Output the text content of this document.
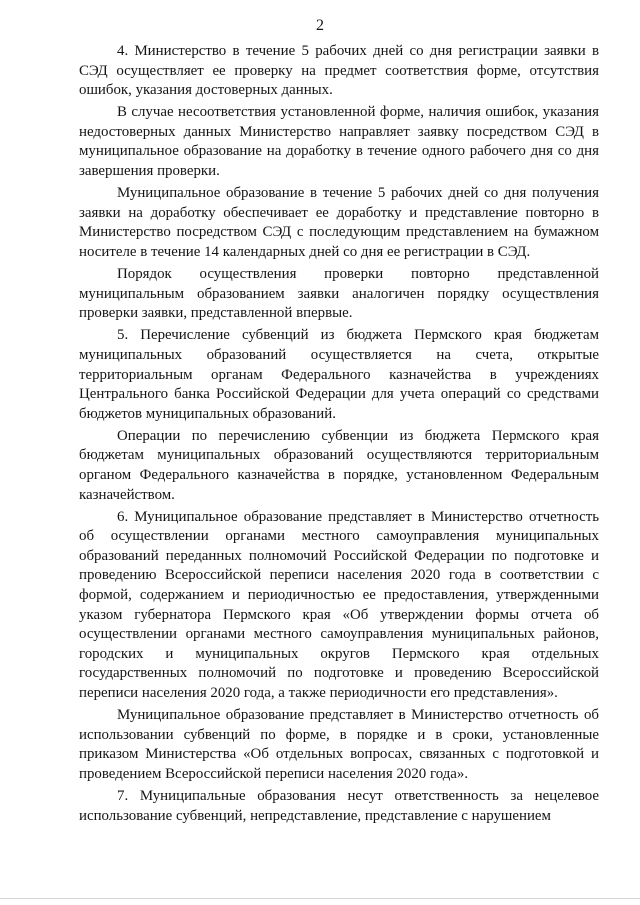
2

4. Министерство в течение 5 рабочих дней со дня регистрации заявки в СЭД осуществляет ее проверку на предмет соответствия форме, отсутствия ошибок, указания достоверных данных.

В случае несоответствия установленной форме, наличия ошибок, указания недостоверных данных Министерство направляет заявку посредством СЭД в муниципальное образование на доработку в течение одного рабочего дня со дня завершения проверки.

Муниципальное образование в течение 5 рабочих дней со дня получения заявки на доработку обеспечивает ее доработку и представление повторно в Министерство посредством СЭД с последующим представлением на бумажном носителе в течение 14 календарных дней со дня ее регистрации в СЭД.

Порядок осуществления проверки повторно представленной муниципальным образованием заявки аналогичен порядку осуществления проверки заявки, представленной впервые.

5. Перечисление субвенций из бюджета Пермского края бюджетам муниципальных образований осуществляется на счета, открытые территориальным органам Федерального казначейства в учреждениях Центрального банка Российской Федерации для учета операций со средствами бюджетов муниципальных образований.

Операции по перечислению субвенции из бюджета Пермского края бюджетам муниципальных образований осуществляются территориальным органом Федерального казначейства в порядке, установленном Федеральным казначейством.

6. Муниципальное образование представляет в Министерство отчетность об осуществлении органами местного самоуправления муниципальных образований переданных полномочий Российской Федерации по подготовке и проведению Всероссийской переписи населения 2020 года в соответствии с формой, содержанием и периодичностью ее предоставления, утвержденными указом губернатора Пермского края «Об утверждении формы отчета об осуществлении органами местного самоуправления муниципальных районов, городских и муниципальных округов Пермского края отдельных государственных полномочий по подготовке и проведению Всероссийской переписи населения 2020 года, а также периодичности его представления».

Муниципальное образование представляет в Министерство отчетность об использовании субвенций по форме, в порядке и в сроки, установленные приказом Министерства «Об отдельных вопросах, связанных с подготовкой и проведением Всероссийской переписи населения 2020 года».

7. Муниципальные образования несут ответственность за нецелевое использование субвенций, непредставление, представление с нарушением
